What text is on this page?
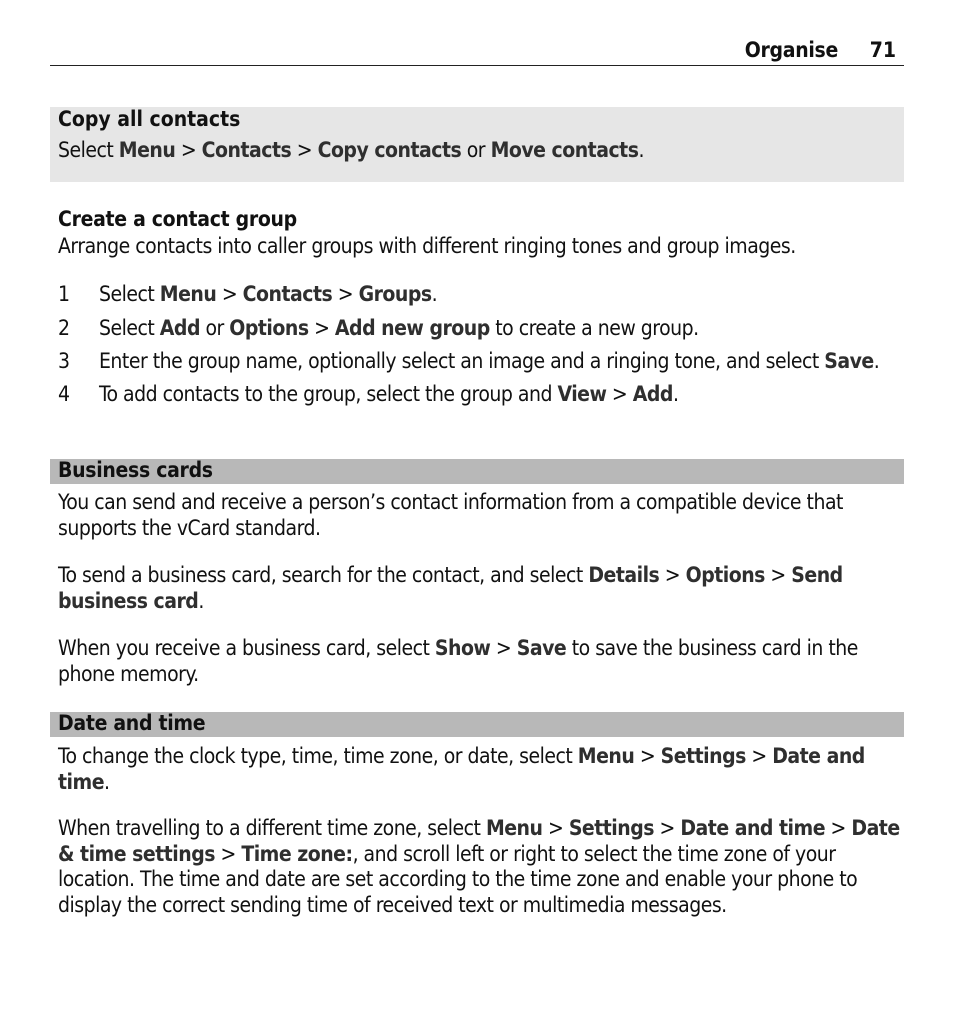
Organise 71
Copy all contacts

Select Menu > Contacts > Copy contacts or Move contacts.

Create a contact group

Arrange contacts into caller groups with different ringing tones and group images.

1 Select Menu > Contacts > Groups.
2 Select Add or Options > Add new group to create a new group.
3 Enter the group name, optionally select an image and a ringing tone, and select Save.
4 To add contacts to the group, select the group and View > Add.
Business cards

You can send and receive a person’s contact information from a compatible device that supports the vCard standard.

To send a business card, search for the contact, and select Details > Options > Send business card.

When you receive a business card, select Show > Save to save the business card in the phone memory.

Date and time

To change the clock type, time, time zone, or date, select Menu > Settings > Date and time.

When travelling to a different time zone, select Menu > Settings > Date and time > Date & time settings > Time zone:, and scroll left or right to select the time zone of your location. The time and date are set according to the time zone and enable your phone to display the correct sending time of received text or multimedia messages.
